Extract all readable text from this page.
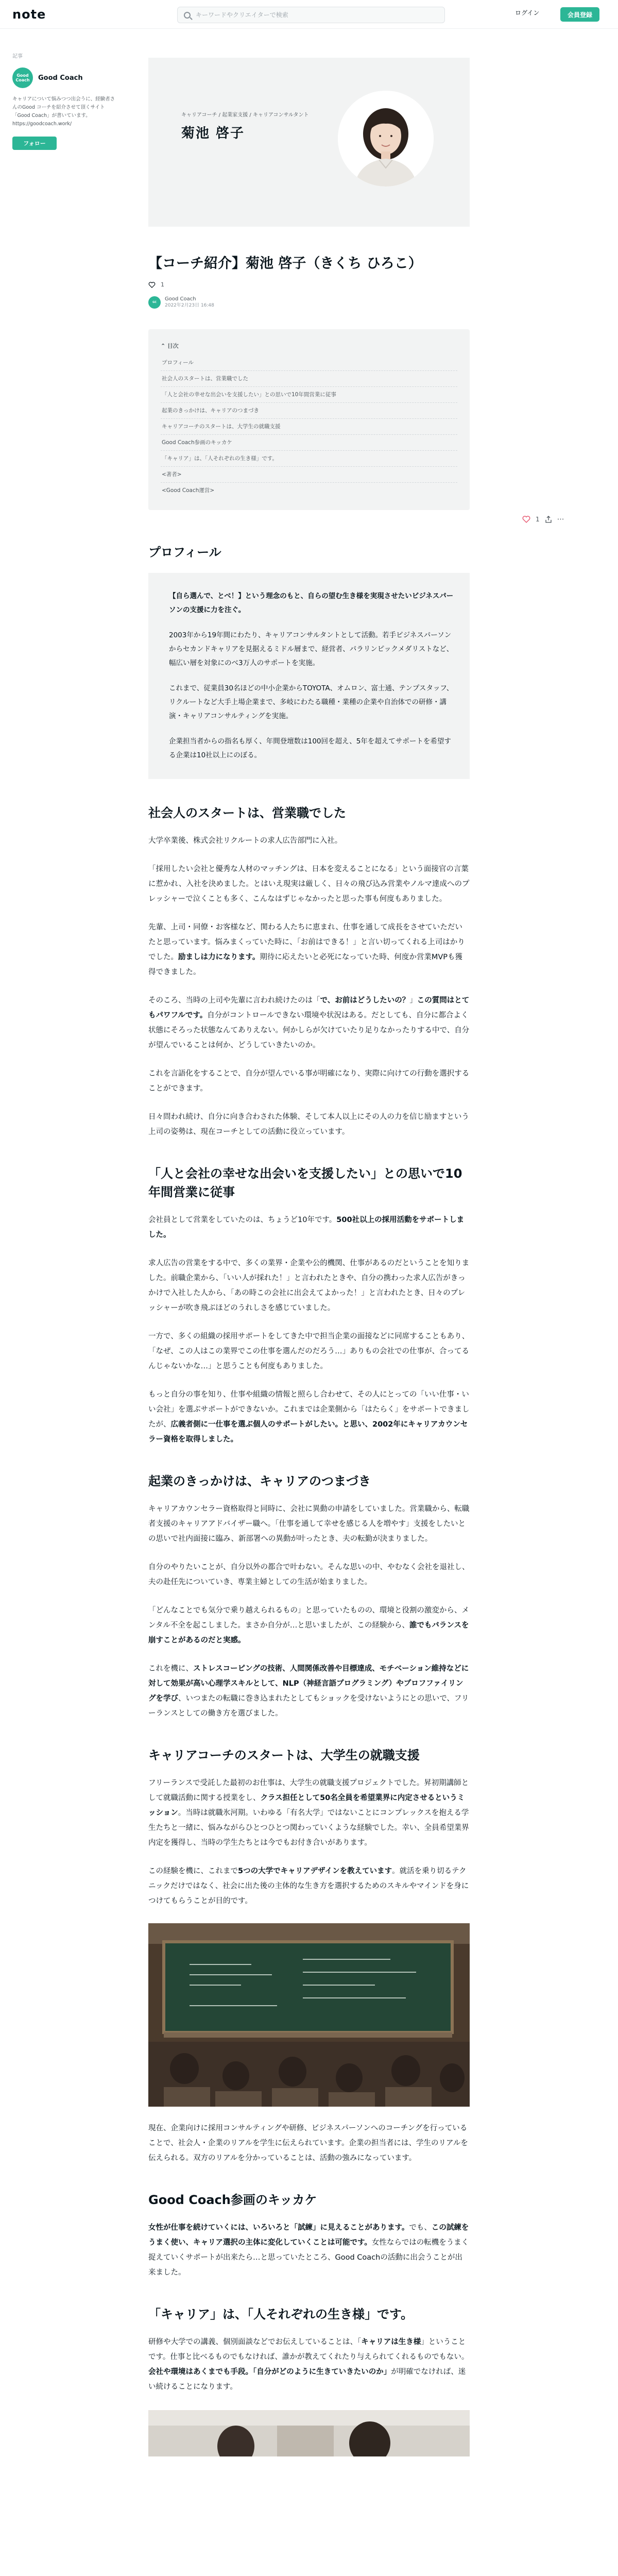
note
キーワードやクリエイターで検索	ログイン	会員登録
記事
Good Coach	Good Coach
キャリアについて悩みつつ出会うに、経験者さんのGood コーチを紹介させて頂くサイト「Good Coach」が書いています。https://goodcoach.work/
フォロー
1 ⋯
キャリアコーチ / 起業家支援 / キャリアコンサルタント
菊池 啓子
【コーチ紹介】菊池 啓子（きくち ひろこ）
1
GC
Good Coach
2022年2月23日 16:48
⌃ 目次
プロフィール
社会人のスタートは、営業職でした
「人と会社の幸せな出会いを支援したい」との思いで10年間営業に従事
起業のきっかけは、キャリアのつまづき
キャリアコーチのスタートは、大学生の就職支援
Good Coach参画のキッカケ
「キャリア」は、「人それぞれの生き様」です。
<著者>
<Good Coach運営>
プロフィール

【自ら選んで、とべ！】という理念のもと、自らの望む生き様を実現させたいビジネスパーソンの支援に力を注ぐ。

2003年から19年間にわたり、キャリアコンサルタントとして活動。若手ビジネスパーソンからセカンドキャリアを見据えるミドル層まで、経営者、パラリンピックメダリストなど、幅広い層を対象にのべ3万人のサポートを実施。

これまで、従業員30名ほどの中小企業からTOYOTA、オムロン、富士通、テンプスタッフ、リクルートなど大手上場企業まで、多岐にわたる職種・業種の企業や自治体での研修・講演・キャリアコンサルティングを実施。

企業担当者からの指名も厚く、年間登壇数は100回を超え、5年を超えてサポートを希望する企業は10社以上にのぼる。

社会人のスタートは、営業職でした

大学卒業後、株式会社リクルートの求人広告部門に入社。

「採用したい会社と優秀な人材のマッチングは、日本を変えることになる」という面接官の言葉に惹かれ、入社を決めました。とはいえ現実は厳しく、日々の飛び込み営業やノルマ達成へのプレッシャーで泣くことも多く、こんなはずじゃなかったと思った事も何度もありました。

先輩、上司・同僚・お客様など、関わる人たちに恵まれ、仕事を通して成長をさせていただいたと思っています。悩みまくっていた時に、「お前はできる！」と言い切ってくれる上司はかりでした。励ましは力になります。期待に応えたいと必死になっていた時、何度か営業MVPも獲得できました。

そのころ、当時の上司や先輩に言われ続けたのは「で、お前はどうしたいの？」この質問はとてもパワフルです。自分がコントロールできない環境や状況はある。だとしても、自分に都合よく状態にそろった状態なんてありえない。何かしらが欠けていたり足りなかったりする中で、自分が望んでいることは何か、どうしていきたいのか。

これを言語化をすることで、自分が望んでいる事が明確になり、実際に向けての行動を選択することができます。

日々問われ続け、自分に向き合わされた体験、そして本人以上にその人の力を信じ励ますという上司の姿勢は、現在コーチとしての活動に役立っています。

「人と会社の幸せな出会いを支援したい」との思いで10年間営業に従事

会社員として営業をしていたのは、ちょうど10年です。500社以上の採用活動をサポートしました。

求人広告の営業をする中で、多くの業界・企業や公的機関、仕事があるのだということを知りました。前職企業から、「いい人が採れた！」と言われたときや、自分の携わった求人広告がきっかけで入社した人から、「あの時この会社に出会えてよかった！」と言われたとき、日々のプレッシャーが吹き飛ぶほどのうれしさを感じていました。

一方で、多くの組織の採用サポートをしてきた中で担当企業の面接などに同席することもあり、「なぜ、この人はこの業界でこの仕事を選んだのだろう…」ありもの会社での仕事が、合ってるんじゃないかな…」と思うことも何度もありました。

もっと自分の事を知り、仕事や組織の情報と照らし合わせて、その人にとっての「いい仕事・いい会社」を選ぶサポートができないか。これまでは企業側から「はたらく」をサポートできましたが、広義者側に一仕事を選ぶ個人のサポートがしたい。と思い、2002年にキャリアカウンセラー資格を取得しました。

起業のきっかけは、キャリアのつまづき

キャリアカウンセラー資格取得と同時に、会社に異動の申請をしていました。営業職から、転職者支援のキャリアアドバイザー職へ。「仕事を通して幸せを感じる人を増やす」支援をしたいとの思いで社内面接に臨み、新部署への異動が叶ったとき、夫の転勤が決まりました。

自分のやりたいことが、自分以外の都合で叶わない。そんな思いの中、やむなく会社を退社し、夫の赴任先についていき、専業主婦としての生活が始まりました。

「どんなことでも気分で乗り越えられるもの」と思っていたものの、環境と役割の激変から、メンタル不全を起こしました。まさか自分が…と思いましたが、この経験から、誰でもバランスを崩すことがあるのだと実感。

これを機に、ストレスコーピングの技術、人間関係改善や目標達成、モチベーション維持などに対して効果が高い心理学スキルとして、NLP（神経言語プログラミング）やプロフファイリングを学び、いつまたの転職に巻き込まれたとしてもショックを受けないようにとの思いで、フリーランスとしての働き方を選びました。

キャリアコーチのスタートは、大学生の就職支援

フリーランスで受託した最初のお仕事は、大学生の就職支援プロジェクトでした。昇初期講師として就職活動に関する授業をし、クラス担任として50名全員を希望業界に内定させるというミッション。当時は就職氷河期。いわゆる「有名大学」ではないことにコンプレックスを抱える学生たちと一緒に、悩みながらひとつひとつ関わっていくような経験でした。幸い、全員希望業界内定を獲得し、当時の学生たちとは今でもお付き合いがあります。

この経験を機に、これまで5つの大学でキャリアデザインを教えています。就活を乗り切るテクニックだけではなく、社会に出た後の主体的な生き方を選択するためのスキルやマインドを身につけてもらうことが目的です。

現在、企業向けに採用コンサルティングや研修、ビジネスパーソンへのコーチングを行っていることで、社会人・企業のリアルを学生に伝えられています。企業の担当者には、学生のリアルを伝えられる。双方のリアルを分かっていることは、活動の強みになっています。

Good Coach参画のキッカケ

女性が仕事を続けていくには、いろいろと「試練」に見えることがあります。でも、この試練をうまく使い、キャリア選択の主体に変化していくことは可能です。女性ならではの転機をうまく捉えていくサポートが出来たら…と思っていたところ、Good Coachの活動に出会うことが出来ました。

「キャリア」は、「人それぞれの生き様」です。

研修や大学での講義、個別面談などでお伝えしていることは、「キャリアは生き様」ということです。仕事と比べるものでもなければ、誰かが教えてくれたり与えられてくれるものでもない。会社や環境はあくまでも手段。「自分がどのように生きていきたいのか」が明確でなければ、迷い続けることになります。
